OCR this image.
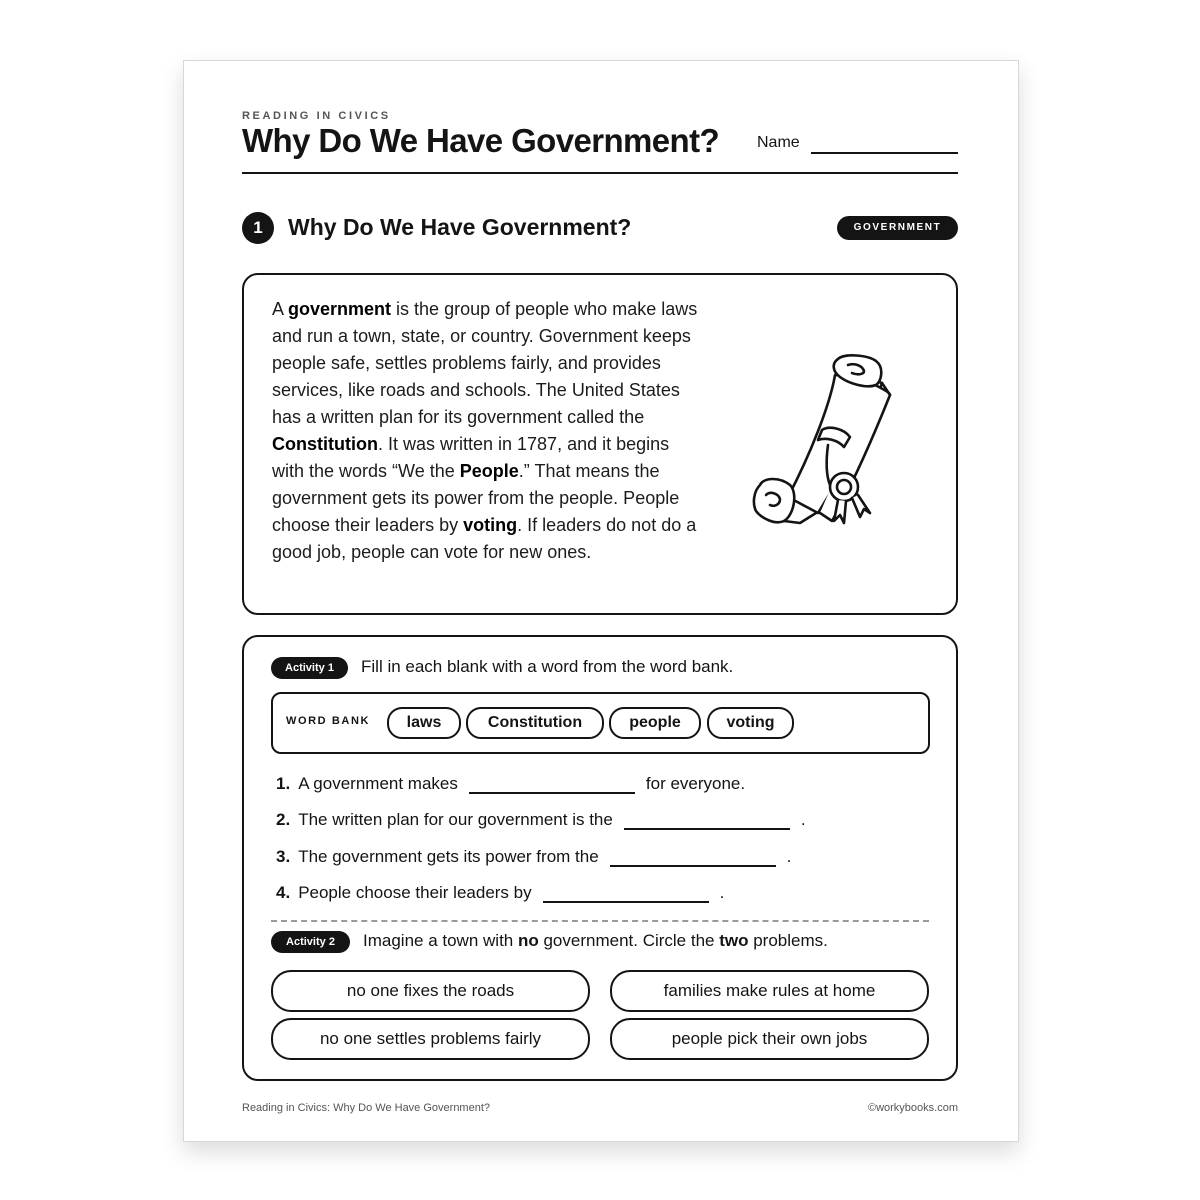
READING IN CIVICS
Why Do We Have Government? Name
1	Why Do We Have Government?	GOVERNMENT
A government is the group of people who make laws and run a town, state, or country. Government keeps people safe, settles problems fairly, and provides services, like roads and schools. The United States has a written plan for its government called the Constitution. It was written in 1787, and it begins with the words “We the People.” That means the government gets its power from the people. People choose their leaders by voting. If leaders do not do a good job, people can vote for new ones.
Activity 1	Fill in each blank with a word from the word bank.
WORD BANK	laws	Constitution	people	voting
1. A government makes	for everyone.
2. The written plan for our government is the	.
3. The government gets its power from the	.
4. People choose their leaders by	.
Activity 2	Imagine a town with no government. Circle the two problems.
no one fixes the roads	families make rules at home
no one settles problems fairly	people pick their own jobs
Reading in Civics: Why Do We Have Government?	©workybooks.com
